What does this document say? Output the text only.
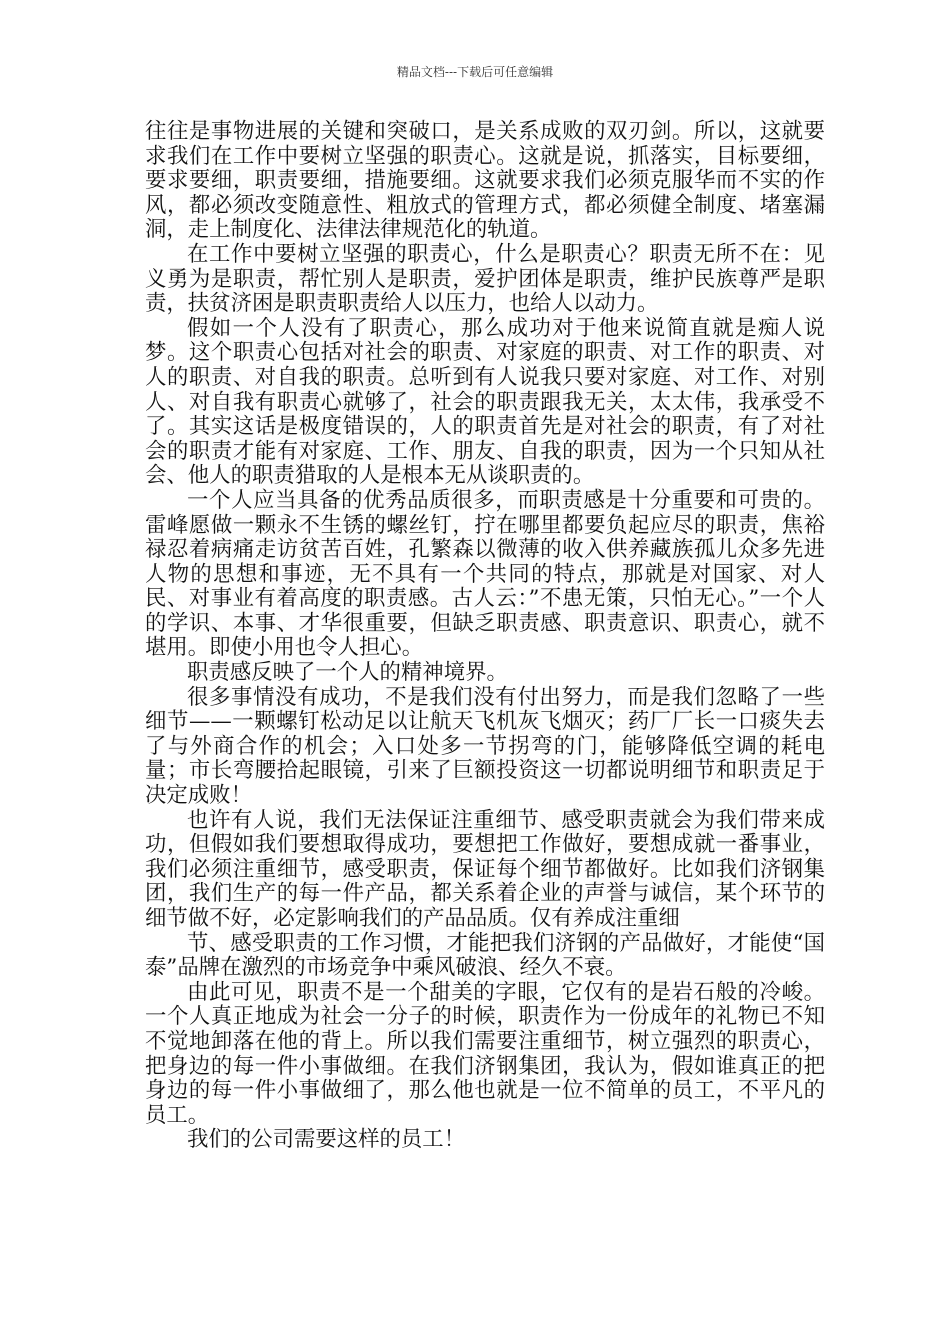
精品文档---下载后可任意编辑

往往是事物进展的关键和突破口，是关系成败的双刃剑。所以，这就要求我们在工作中要树立坚强的职责心。这就是说，抓落实，目标要细，要求要细，职责要细，措施要细。这就要求我们必须克服华而不实的作风，都必须改变随意性、粗放式的管理方式，都必须健全制度、堵塞漏洞，走上制度化、法律法律规范化的轨道。

在工作中要树立坚强的职责心，什么是职责心？职责无所不在：见义勇为是职责，帮忙别人是职责，爱护团体是职责，维护民族尊严是职责，扶贫济困是职责职责给人以压力，也给人以动力。

假如一个人没有了职责心，那么成功对于他来说简直就是痴人说梦。这个职责心包括对社会的职责、对家庭的职责、对工作的职责、对人的职责、对自我的职责。总听到有人说我只要对家庭、对工作、对别人、对自我有职责心就够了，社会的职责跟我无关，太太伟，我承受不了。其实这话是极度错误的，人的职责首先是对社会的职责，有了对社会的职责才能有对家庭、工作、朋友、自我的职责，因为一个只知从社会、他人的职责猎取的人是根本无从谈职责的。

一个人应当具备的优秀品质很多，而职责感是十分重要和可贵的。雷峰愿做一颗永不生锈的螺丝钉，拧在哪里都要负起应尽的职责，焦裕禄忍着病痛走访贫苦百姓，孔繁森以微薄的收入供养藏族孤儿众多先进人物的思想和事迹，无不具有一个共同的特点，那就是对国家、对人民、对事业有着高度的职责感。古人云：”不患无策，只怕无心。”一个人的学识、本事、才华很重要，但缺乏职责感、职责意识、职责心，就不堪用。即使小用也令人担心。

职责感反映了一个人的精神境界。

很多事情没有成功，不是我们没有付出努力，而是我们忽略了一些细节——一颗螺钉松动足以让航天飞机灰飞烟灭；药厂厂长一口痰失去了与外商合作的机会；入口处多一节拐弯的门，能够降低空调的耗电量；市长弯腰拾起眼镜，引来了巨额投资这一切都说明细节和职责足于决定成败！

也许有人说，我们无法保证注重细节、感受职责就会为我们带来成功，但假如我们要想取得成功，要想把工作做好，要想成就一番事业，我们必须注重细节，感受职责，保证每个细节都做好。比如我们济钢集团，我们生产的每一件产品，都关系着企业的声誉与诚信，某个环节的细节做不好，必定影响我们的产品品质。仅有养成注重细

节、感受职责的工作习惯，才能把我们济钢的产品做好，才能使“国泰”品牌在激烈的市场竞争中乘风破浪、经久不衰。

由此可见，职责不是一个甜美的字眼，它仅有的是岩石般的冷峻。一个人真正地成为社会一分子的时候，职责作为一份成年的礼物已不知不觉地卸落在他的背上。所以我们需要注重细节，树立强烈的职责心，把身边的每一件小事做细。在我们济钢集团，我认为，假如谁真正的把身边的每一件小事做细了，那么他也就是一位不简单的员工，不平凡的员工。

我们的公司需要这样的员工！
